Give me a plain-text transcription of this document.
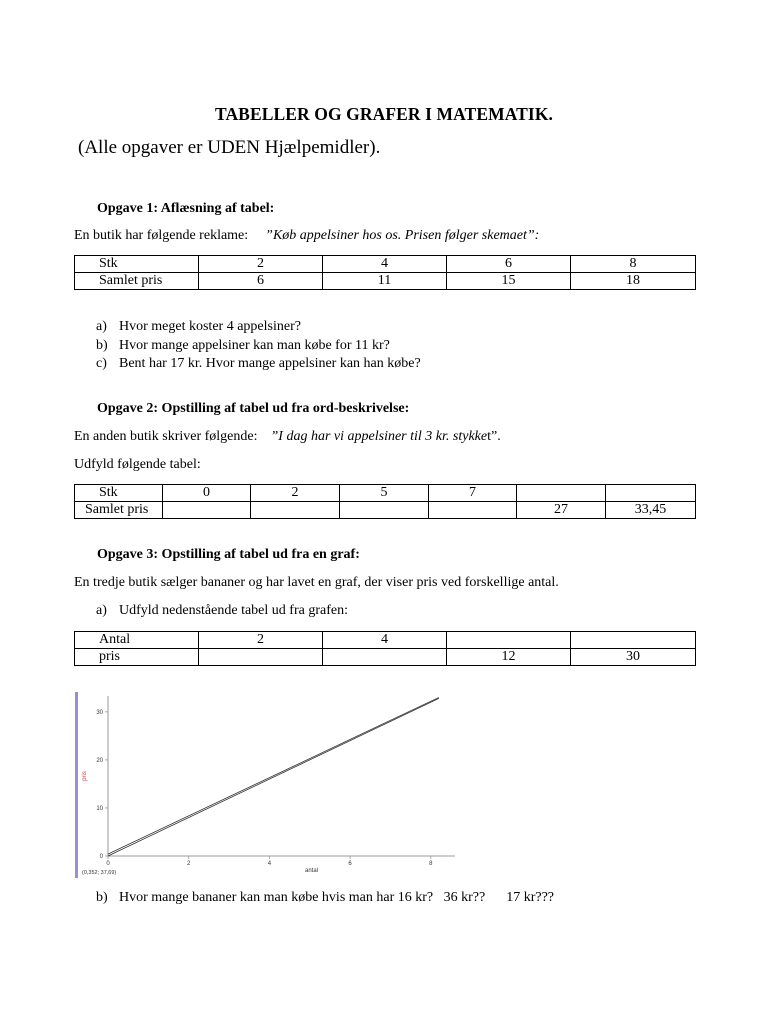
TABELLER OG GRAFER I MATEMATIK.
(Alle opgaver er UDEN Hjælpemidler).
Opgave 1: Aflæsning af tabel:
En butik har følgende reklame: ”Køb appelsiner hos os. Prisen følger skemaet”:
Stk	2	4	6	8
Samlet pris	6	11	15	18
a) Hvor meget koster 4 appelsiner?
b) Hvor mange appelsiner kan man købe for 11 kr?
c) Bent har 17 kr. Hvor mange appelsiner kan han købe?
Opgave 2: Opstilling af tabel ud fra ord-beskrivelse:
En anden butik skriver følgende: ”I dag har vi appelsiner til 3 kr. stykket”.
Udfyld følgende tabel:
Stk	0	2	5	7		
Samlet pris					27	33,45
Opgave 3: Opstilling af tabel ud fra en graf:
En tredje butik sælger bananer og har lavet en graf, der viser pris ved forskellige antal.
a) Udfyld nedenstående tabel ud fra grafen:
Antal	2	4		
pris			12	30
0	2	4	6	8
0
10
20
30
antal
pris
(0,352; 37,69)
b) Hvor mange bananer kan man købe hvis man har 16 kr?   36 kr??      17 kr???
